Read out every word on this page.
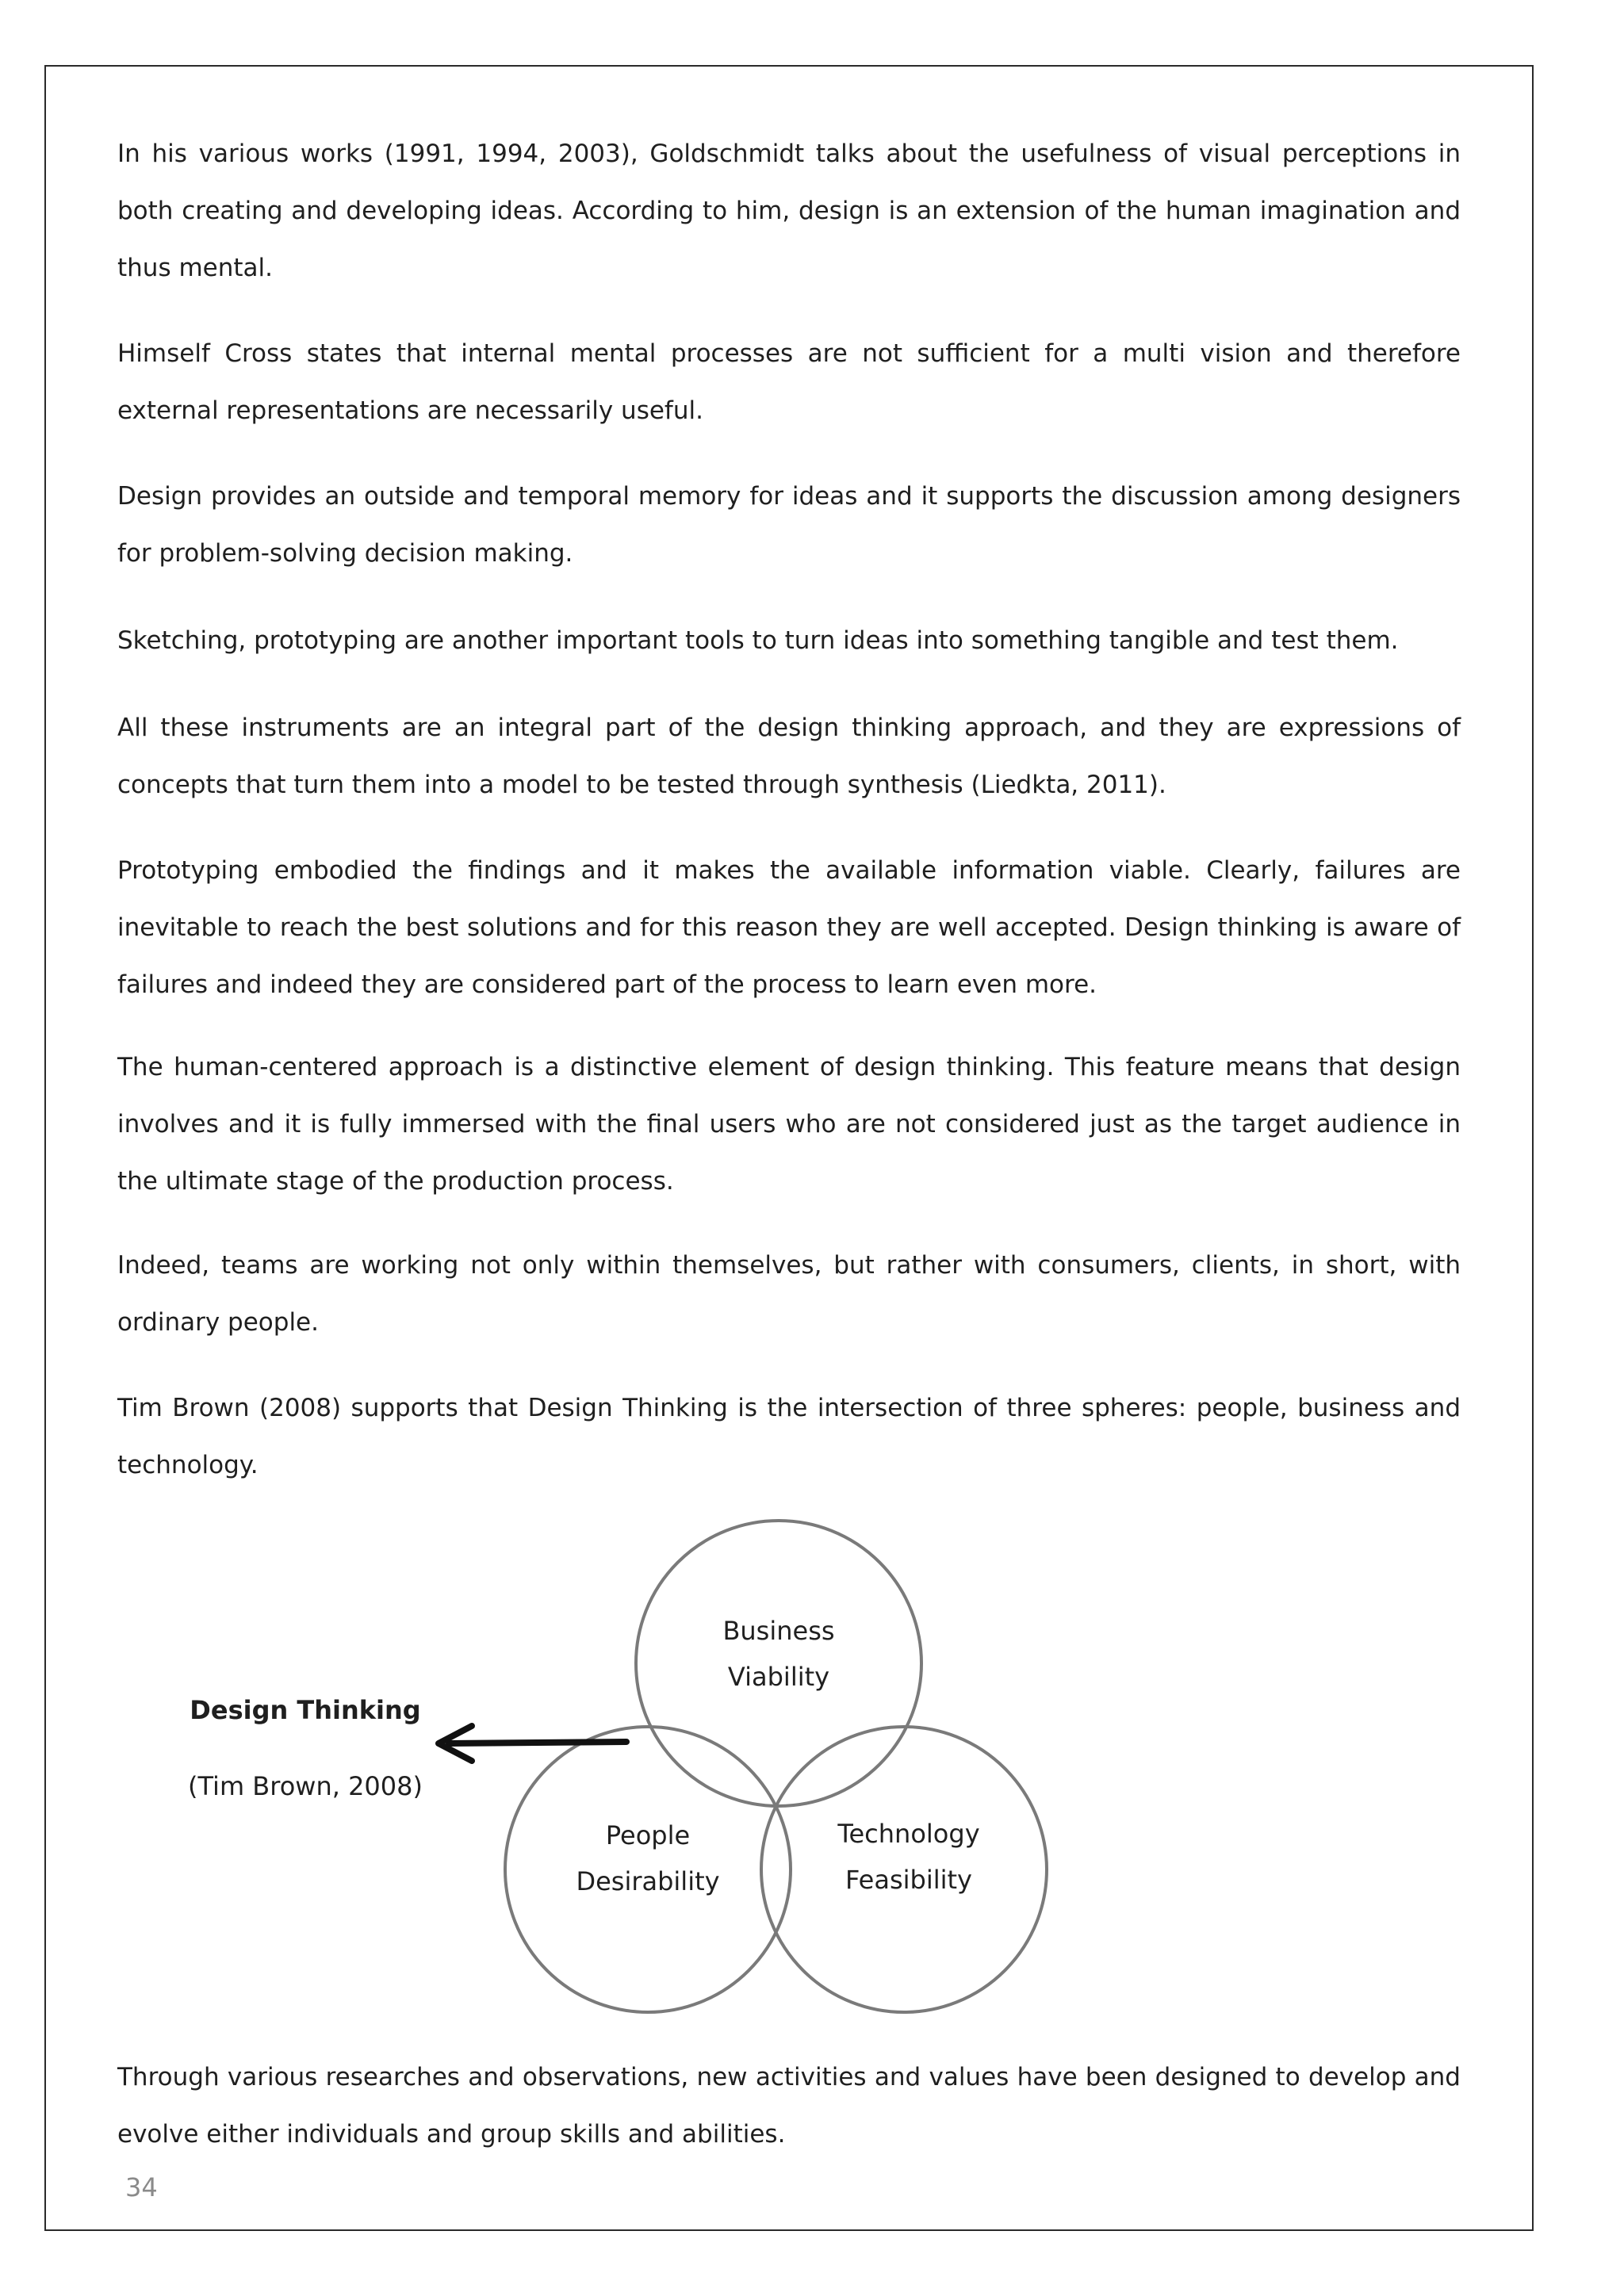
In his various works (1991, 1994, 2003), Goldschmidt talks about the usefulness of visual perceptions in both creating and developing ideas. According to him, design is an extension of the human imagination and thus mental.

Himself Cross states that internal mental processes are not sufficient for a multi vision and therefore external representations are necessarily useful.

Design provides an outside and temporal memory for ideas and it supports the discussion among designers for problem-solving decision making.

Sketching, prototyping are another important tools to turn ideas into something tangible and test them.

All these instruments are an integral part of the design thinking approach, and they are expressions of concepts that turn them into a model to be tested through synthesis (Liedkta, 2011).

Prototyping embodied the findings and it makes the available information viable. Clearly, failures are inevitable to reach the best solutions and for this reason they are well accepted. Design thinking is aware of failures and indeed they are considered part of the process to learn even more.

The human-centered approach is a distinctive element of design thinking. This feature means that design involves and it is fully immersed with the final users who are not considered just as the target audience in the ultimate stage of the production process.

Indeed, teams are working not only within themselves, but rather with consumers, clients, in short, with ordinary people.

Tim Brown (2008) supports that Design Thinking is the intersection of three spheres: people, business and technology.

Design Thinking
(Tim Brown, 2008)
Business
Viability
People
Desirability
Technology
Feasibility

Through various researches and observations, new activities and values have been designed to develop and evolve either individuals and group skills and abilities.

34
